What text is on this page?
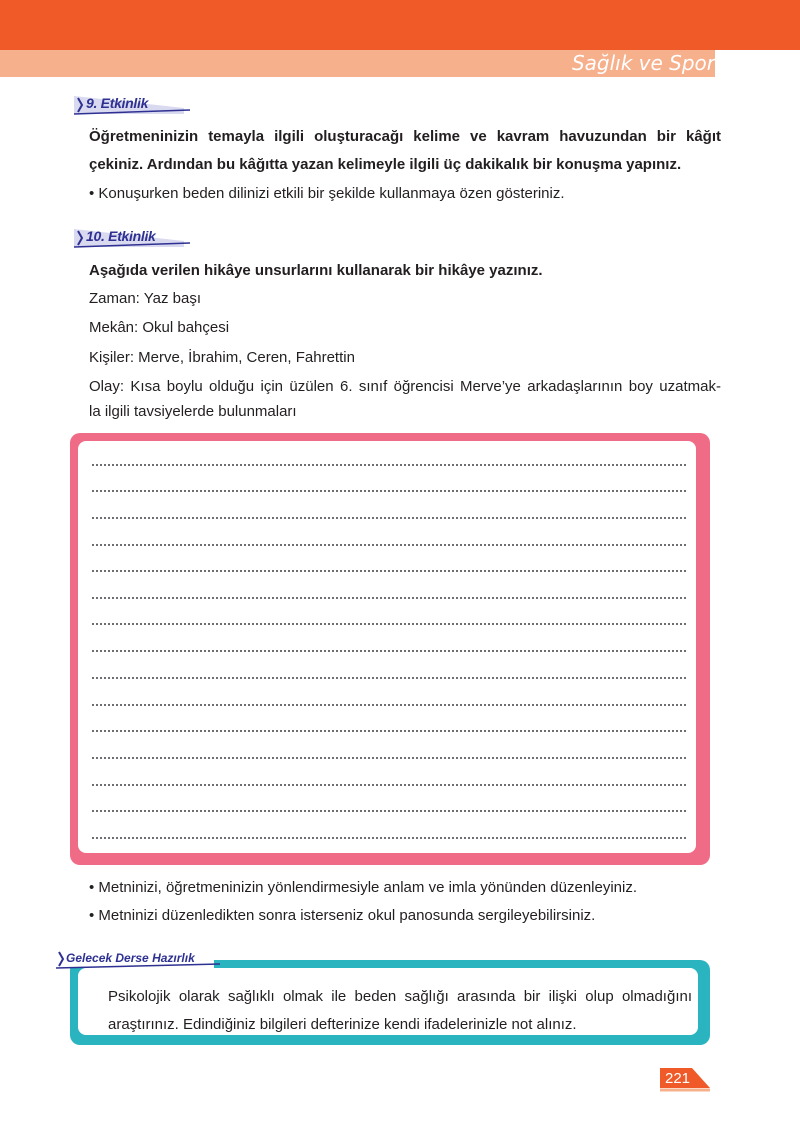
Sağlık ve Spor
9. Etkinlik
Öğretmeninizin temayla ilgili oluşturacağı kelime ve kavram havuzundan bir kâğıt
çekiniz. Ardından bu kâğıtta yazan kelimeyle ilgili üç dakikalık bir konuşma yapınız.
• Konuşurken beden dilinizi etkili bir şekilde kullanmaya özen gösteriniz.
10. Etkinlik
Aşağıda verilen hikâye unsurlarını kullanarak bir hikâye yazınız.
Zaman: Yaz başı
Mekân: Okul bahçesi
Kişiler: Merve, İbrahim, Ceren, Fahrettin
Olay: Kısa boylu olduğu için üzülen 6. sınıf öğrencisi Merve’ye arkadaşlarının boy uzatmak-
la ilgili tavsiyelerde bulunmaları
• Metninizi, öğretmeninizin yönlendirmesiyle anlam ve imla yönünden düzenleyiniz.
• Metninizi düzenledikten sonra isterseniz okul panosunda sergileyebilirsiniz.
Gelecek Derse Hazırlık
Psikolojik olarak sağlıklı olmak ile beden sağlığı arasında bir ilişki olup olmadığını araştırınız. Edindiğiniz bilgileri defterinize kendi ifadelerinizle not alınız.
221
